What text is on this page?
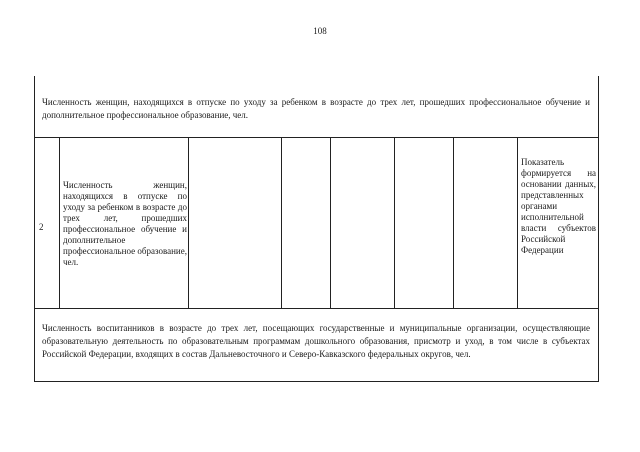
108
Численность женщин, находящихся в отпуске по уходу за ребенком в возрасте до трех лет, прошедших профессиональное обучение и дополнительное профессиональное образование, чел.
2
Численность женщин, находящихся в отпуске по уходу за ребенком в возрасте до трех лет, прошедших профессиональное обучение и дополнительное профессиональное образование, чел.
Показатель формируется на основании данных, представленных органами исполнительной власти субъектов Российской Федерации
Численность воспитанников в возрасте до трех лет, посещающих государственные и муниципальные организации, осуществляющие образовательную деятельность по образовательным программам дошкольного образования, присмотр и уход, в том числе в субъектах Российской Федерации, входящих в состав Дальневосточного и Северо-Кавказского федеральных округов, чел.
